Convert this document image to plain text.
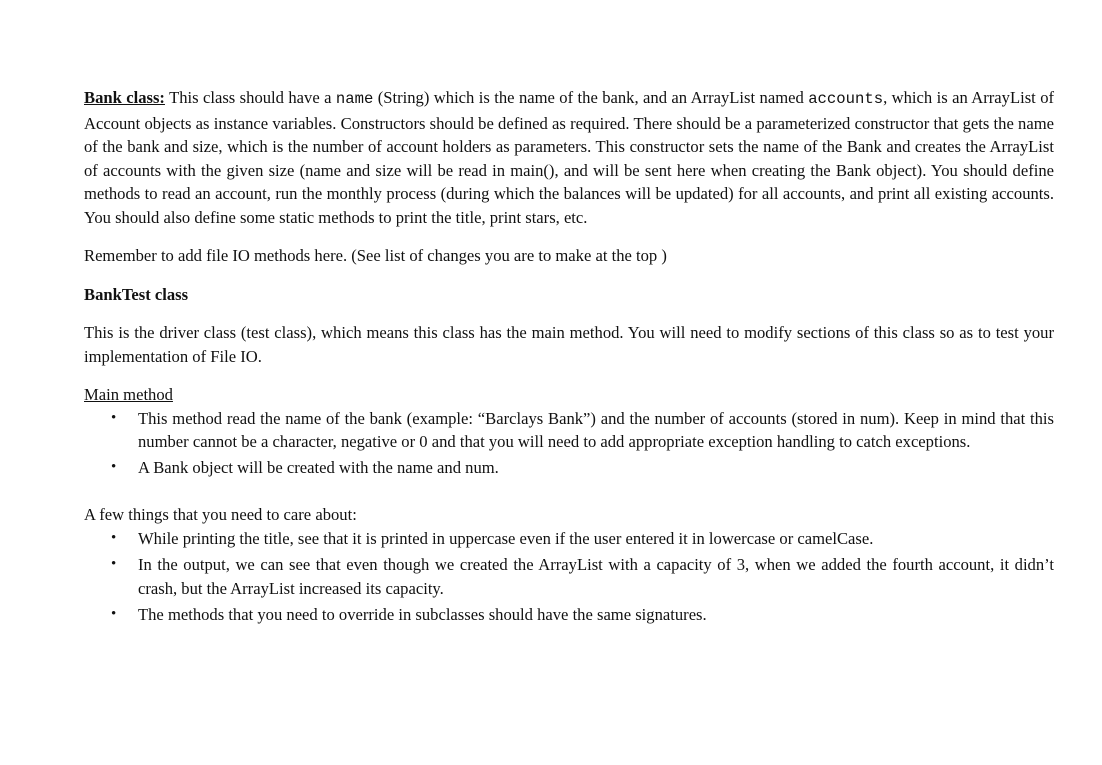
Bank class: This class should have a name (String) which is the name of the bank, and an ArrayList named accounts, which is an ArrayList of Account objects as instance variables. Constructors should be defined as required. There should be a parameterized constructor that gets the name of the bank and size, which is the number of account holders as parameters. This constructor sets the name of the Bank and creates the ArrayList of accounts with the given size (name and size will be read in main(), and will be sent here when creating the Bank object). You should define methods to read an account, run the monthly process (during which the balances will be updated) for all accounts, and print all existing accounts. You should also define some static methods to print the title, print stars, etc.

Remember to add file IO methods here. (See list of changes you are to make at the top )

BankTest class

This is the driver class (test class), which means this class has the main method. You will need to modify sections of this class so as to test your implementation of File IO.

Main method

• This method read the name of the bank (example: “Barclays Bank”) and the number of accounts (stored in num). Keep in mind that this number cannot be a character, negative or 0 and that you will need to add appropriate exception handling to catch exceptions.
• A Bank object will be created with the name and num.

A few things that you need to care about:

• While printing the title, see that it is printed in uppercase even if the user entered it in lowercase or camelCase.
• In the output, we can see that even though we created the ArrayList with a capacity of 3, when we added the fourth account, it didn’t crash, but the ArrayList increased its capacity.
• The methods that you need to override in subclasses should have the same signatures.
